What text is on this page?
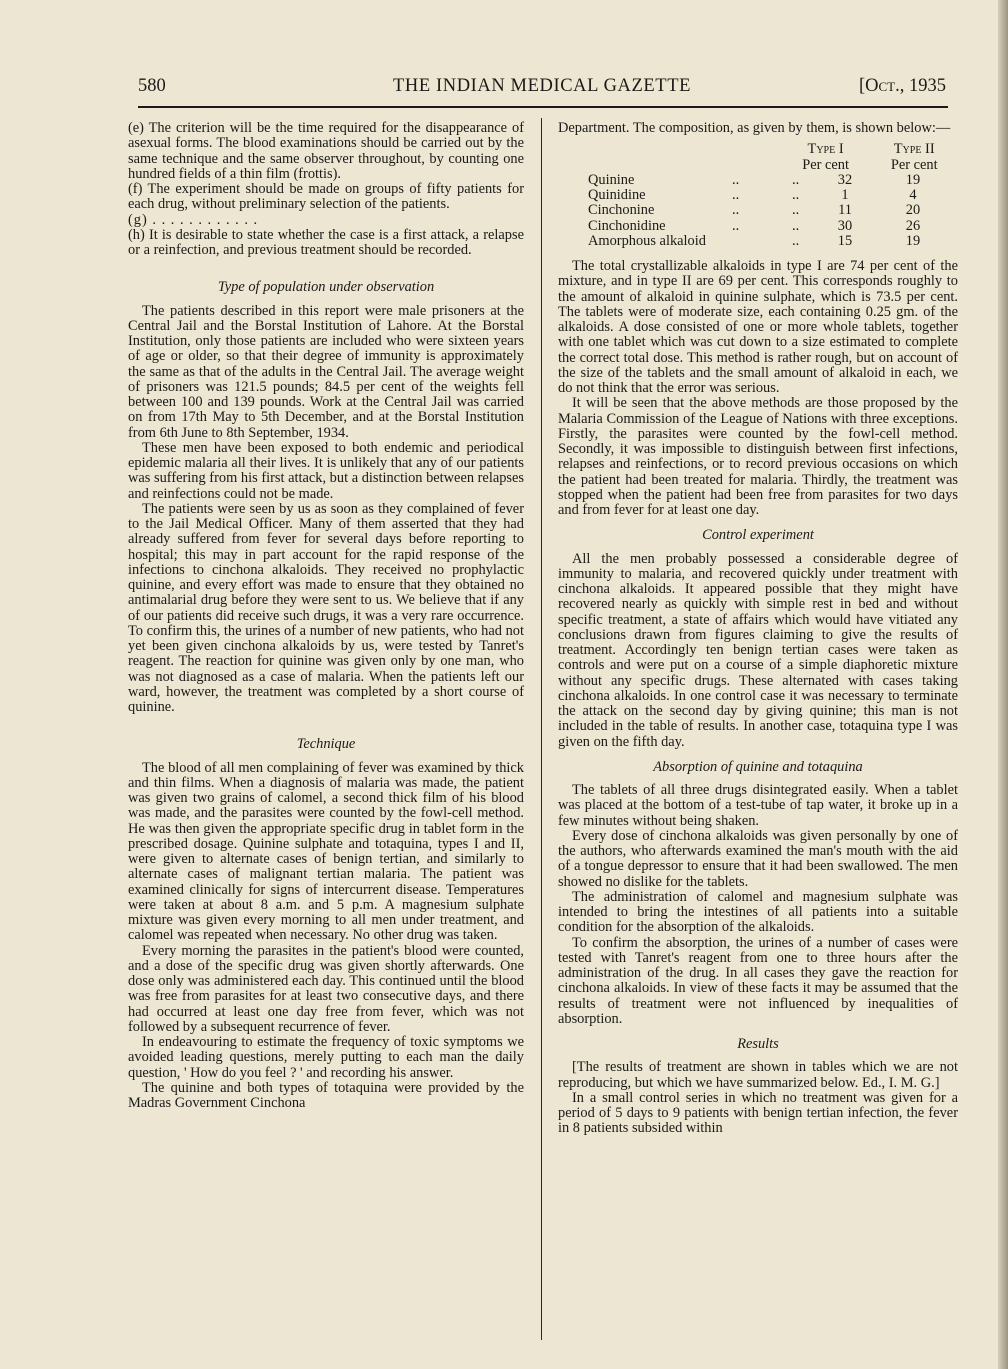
580	THE INDIAN MEDICAL GAZETTE	[Oct., 1935

(e) The criterion will be the time required for the disappearance of asexual forms. The blood examinations should be carried out by the same technique and the same observer throughout, by counting one hundred fields of a thin film (frottis).

(f) The experiment should be made on groups of fifty patients for each drug, without preliminary selection of the patients.

(g) . . . . . . . . . . . .

(h) It is desirable to state whether the case is a first attack, a relapse or a reinfection, and previous treatment should be recorded.

Type of population under observation

The patients described in this report were male prisoners at the Central Jail and the Borstal Institution of Lahore. At the Borstal Institution, only those patients are included who were sixteen years of age or older, so that their degree of immunity is approximately the same as that of the adults in the Central Jail. The average weight of prisoners was 121.5 pounds; 84.5 per cent of the weights fell between 100 and 139 pounds. Work at the Central Jail was carried on from 17th May to 5th December, and at the Borstal Institution from 6th June to 8th September, 1934.

These men have been exposed to both endemic and periodical epidemic malaria all their lives. It is unlikely that any of our patients was suffering from his first attack, but a distinction between relapses and reinfections could not be made.

The patients were seen by us as soon as they complained of fever to the Jail Medical Officer. Many of them asserted that they had already suffered from fever for several days before reporting to hospital; this may in part account for the rapid response of the infections to cinchona alkaloids. They received no prophylactic quinine, and every effort was made to ensure that they obtained no antimalarial drug before they were sent to us. We believe that if any of our patients did receive such drugs, it was a very rare occurrence. To confirm this, the urines of a number of new patients, who had not yet been given cinchona alkaloids by us, were tested by Tanret's reagent. The reaction for quinine was given only by one man, who was not diagnosed as a case of malaria. When the patients left our ward, however, the treatment was completed by a short course of quinine.

Technique

The blood of all men complaining of fever was examined by thick and thin films. When a diagnosis of malaria was made, the patient was given two grains of calomel, a second thick film of his blood was made, and the parasites were counted by the fowl-cell method. He was then given the appropriate specific drug in tablet form in the prescribed dosage. Quinine sulphate and totaquina, types I and II, were given to alternate cases of benign tertian, and similarly to alternate cases of malignant tertian malaria. The patient was examined clinically for signs of intercurrent disease. Temperatures were taken at about 8 a.m. and 5 p.m. A magnesium sulphate mixture was given every morning to all men under treatment, and calomel was repeated when necessary. No other drug was taken.

Every morning the parasites in the patient's blood were counted, and a dose of the specific drug was given shortly afterwards. One dose only was administered each day. This continued until the blood was free from parasites for at least two consecutive days, and there had occurred at least one day free from fever, which was not followed by a subsequent recurrence of fever.

In endeavouring to estimate the frequency of toxic symptoms we avoided leading questions, merely putting to each man the daily question, ' How do you feel ? ' and recording his answer.

The quinine and both types of totaquina were provided by the Madras Government Cinchona

Department. The composition, as given by them, is shown below:—

Type I	Type II
Per cent	Per cent
Quinine	..	..	32	19
Quinidine	..	..	1	4
Cinchonine	..	..	11	20
Cinchonidine	..	..	30	26
Amorphous alkaloid	..	15	19

The total crystallizable alkaloids in type I are 74 per cent of the mixture, and in type II are 69 per cent. This corresponds roughly to the amount of alkaloid in quinine sulphate, which is 73.5 per cent. The tablets were of moderate size, each containing 0.25 gm. of the alkaloids. A dose consisted of one or more whole tablets, together with one tablet which was cut down to a size estimated to complete the correct total dose. This method is rather rough, but on account of the size of the tablets and the small amount of alkaloid in each, we do not think that the error was serious.

It will be seen that the above methods are those proposed by the Malaria Commission of the League of Nations with three exceptions. Firstly, the parasites were counted by the fowl-cell method. Secondly, it was impossible to distinguish between first infections, relapses and reinfections, or to record previous occasions on which the patient had been treated for malaria. Thirdly, the treatment was stopped when the patient had been free from parasites for two days and from fever for at least one day.

Control experiment

All the men probably possessed a considerable degree of immunity to malaria, and recovered quickly under treatment with cinchona alkaloids. It appeared possible that they might have recovered nearly as quickly with simple rest in bed and without specific treatment, a state of affairs which would have vitiated any conclusions drawn from figures claiming to give the results of treatment. Accordingly ten benign tertian cases were taken as controls and were put on a course of a simple diaphoretic mixture without any specific drugs. These alternated with cases taking cinchona alkaloids. In one control case it was necessary to terminate the attack on the second day by giving quinine; this man is not included in the table of results. In another case, totaquina type I was given on the fifth day.

Absorption of quinine and totaquina

The tablets of all three drugs disintegrated easily. When a tablet was placed at the bottom of a test-tube of tap water, it broke up in a few minutes without being shaken.

Every dose of cinchona alkaloids was given personally by one of the authors, who afterwards examined the man's mouth with the aid of a tongue depressor to ensure that it had been swallowed. The men showed no dislike for the tablets.

The administration of calomel and magnesium sulphate was intended to bring the intestines of all patients into a suitable condition for the absorption of the alkaloids.

To confirm the absorption, the urines of a number of cases were tested with Tanret's reagent from one to three hours after the administration of the drug. In all cases they gave the reaction for cinchona alkaloids. In view of these facts it may be assumed that the results of treatment were not influenced by inequalities of absorption.

Results

[The results of treatment are shown in tables which we are not reproducing, but which we have summarized below. Ed., I. M. G.]

In a small control series in which no treatment was given for a period of 5 days to 9 patients with benign tertian infection, the fever in 8 patients subsided within
